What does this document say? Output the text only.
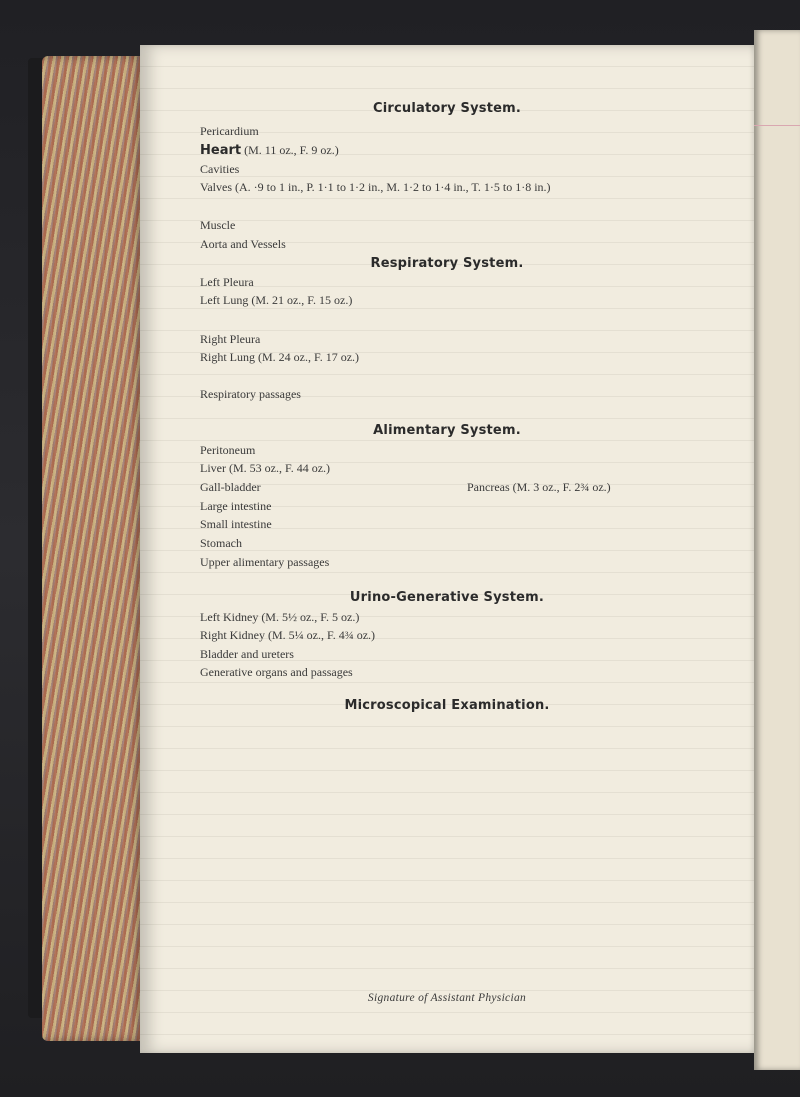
Circulatory System.
Pericardium
Heart (M. 11 oz., F. 9 oz.)
Cavities
Valves (A. ·9 to 1 in., P. 1·1 to 1·2 in., M. 1·2 to 1·4 in., T. 1·5 to 1·8 in.)
Muscle
Aorta and Vessels
Respiratory System.
Left Pleura
Left Lung (M. 21 oz., F. 15 oz.)
Right Pleura
Right Lung (M. 24 oz., F. 17 oz.)
Respiratory passages
Alimentary System.
Peritoneum
Liver (M. 53 oz., F. 44 oz.)
Gall-bladder	Pancreas (M. 3 oz., F. 2¾ oz.)
Large intestine
Small intestine
Stomach
Upper alimentary passages
Urino-Generative System.
Left Kidney (M. 5½ oz., F. 5 oz.)
Right Kidney (M. 5¼ oz., F. 4¾ oz.)
Bladder and ureters
Generative organs and passages
Microscopical Examination.
Signature of Assistant Physician
